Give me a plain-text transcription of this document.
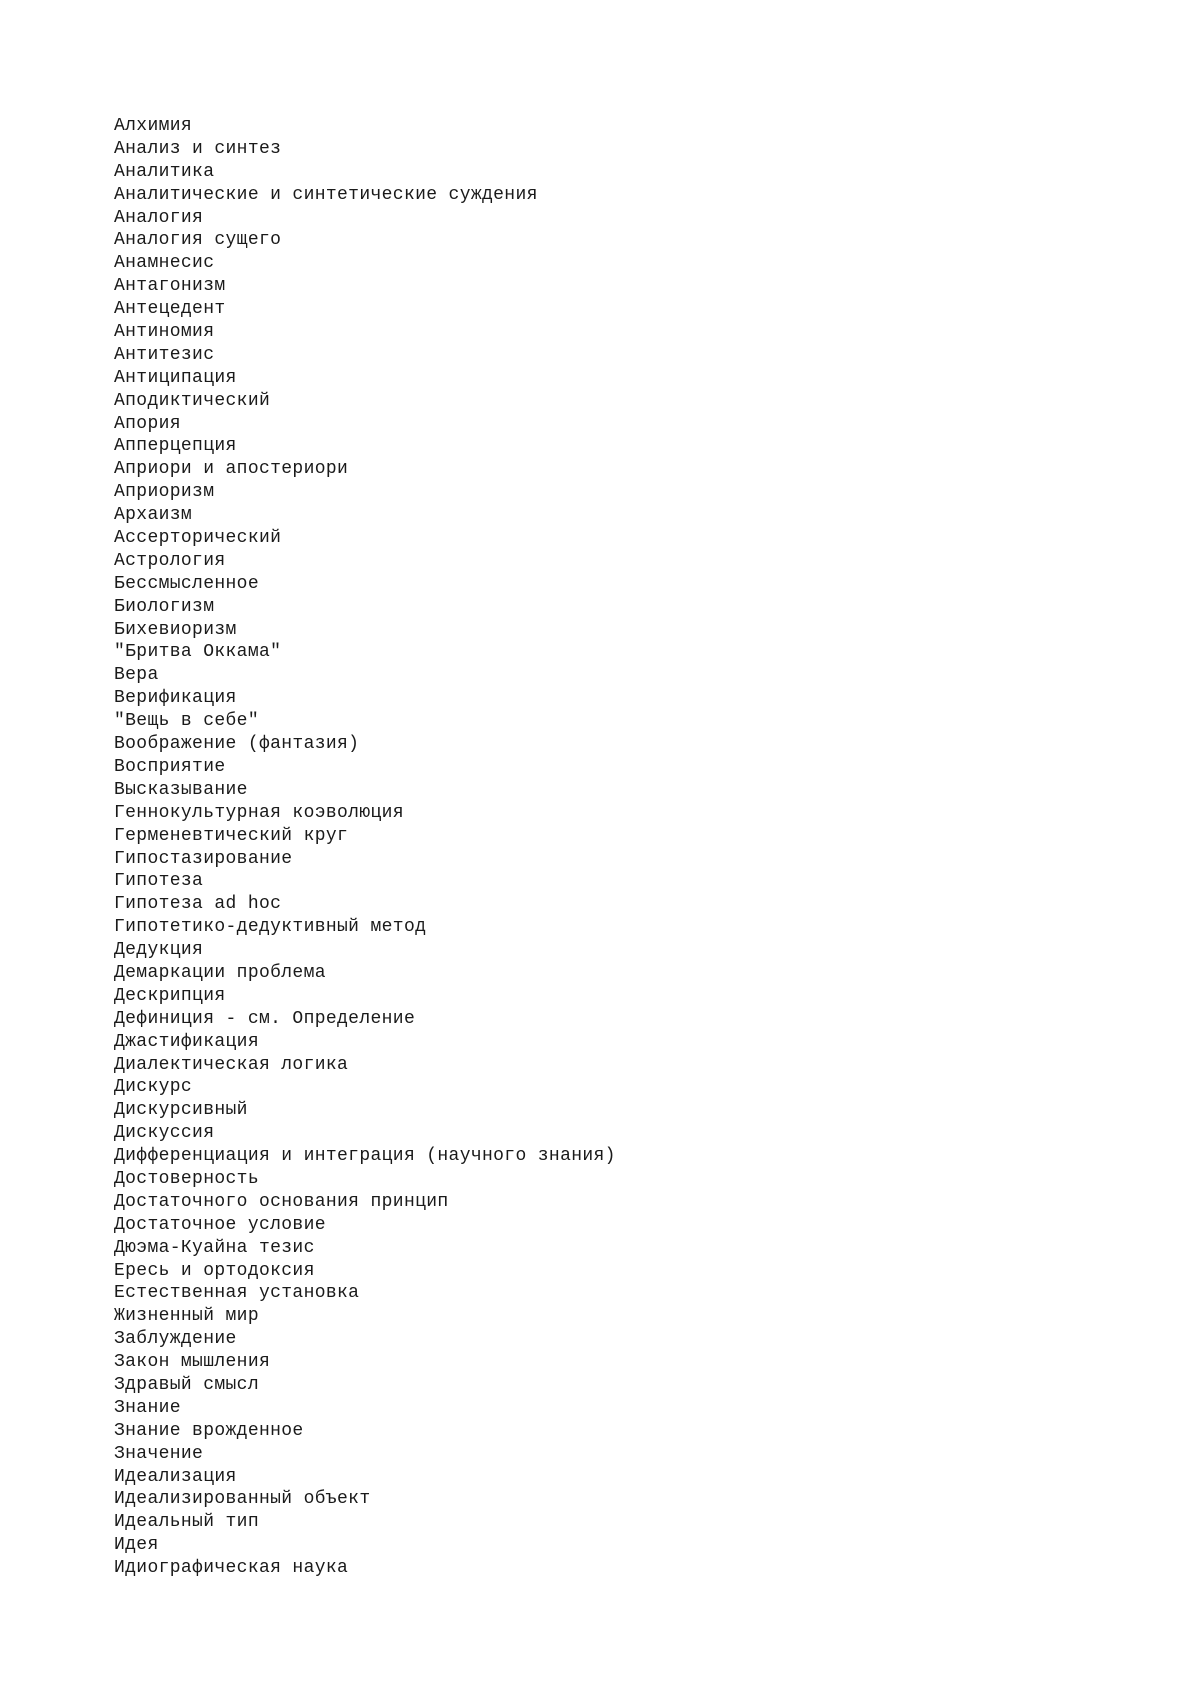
Алхимия
Анализ и синтез
Аналитика
Аналитические и синтетические суждения
Аналогия
Аналогия сущего
Анамнесис
Антагонизм
Антецедент
Антиномия
Антитезис
Антиципация
Аподиктический
Апория
Апперцепция
Априори и апостериори
Априоризм
Архаизм
Ассерторический
Астрология
Бессмысленное
Биологизм
Бихевиоризм
"Бритва Оккама"
Вера
Верификация
"Вещь в себе"
Воображение (фантазия)
Восприятие
Высказывание
Геннокультурная коэволюция
Герменевтический круг
Гипостазирование
Гипотеза
Гипотеза ad hoc
Гипотетико-дедуктивный метод
Дедукция
Демаркации проблема
Дескрипция
Дефиниция - см. Определение
Джастификация
Диалектическая логика
Дискурс
Дискурсивный
Дискуссия
Дифференциация и интеграция (научного знания)
Достоверность
Достаточного основания принцип
Достаточное условие
Дюэма-Куайна тезис
Ересь и ортодоксия
Естественная установка
Жизненный мир
Заблуждение
Закон мышления
Здравый смысл
Знание
Знание врожденное
Значение
Идеализация
Идеализированный объект
Идеальный тип
Идея
Идиографическая наука
